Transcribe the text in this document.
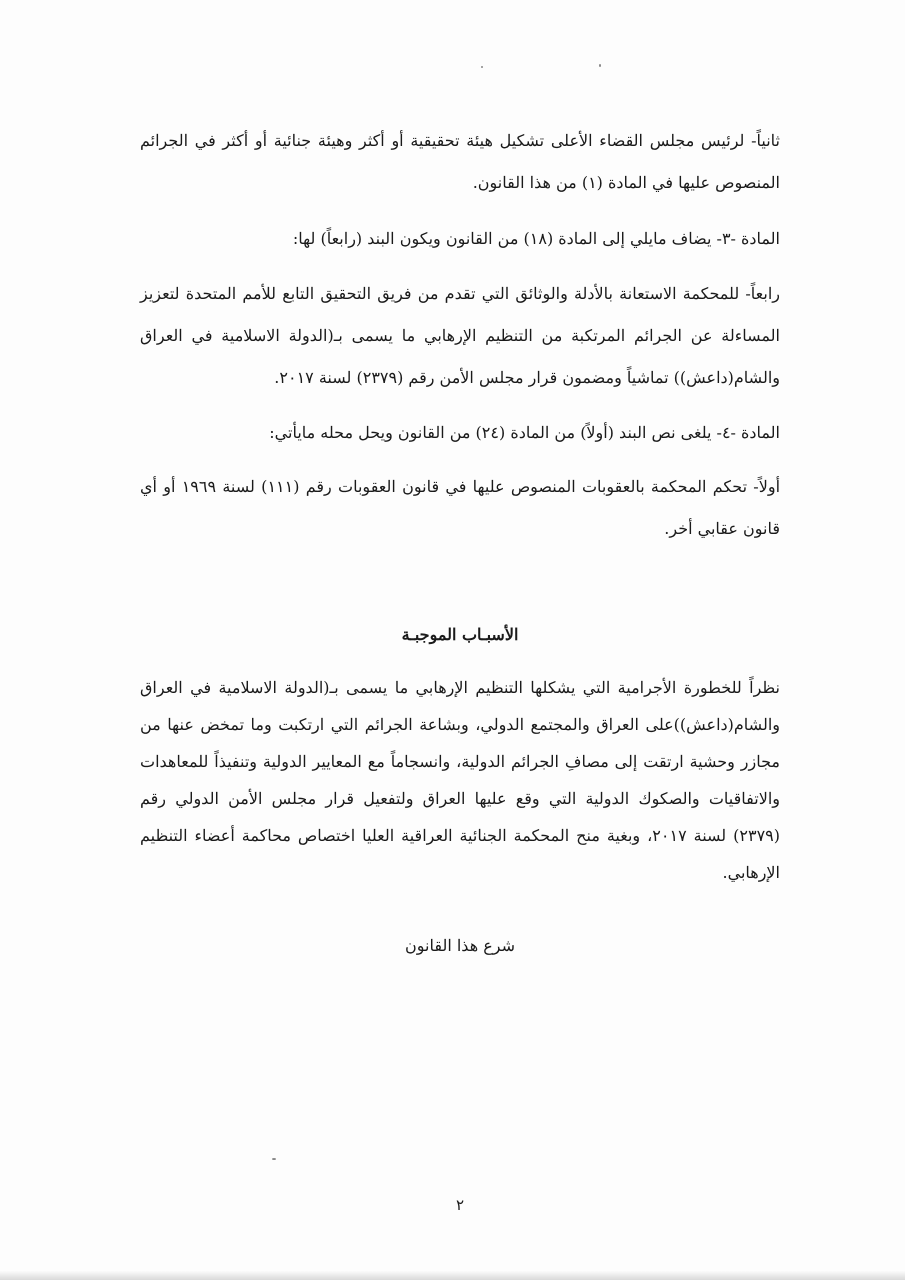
ثانياً- لرئيس مجلس القضاء الأعلى تشكيل هيئة تحقيقية أو أكثر وهيئة جنائية أو أكثر في الجرائم المنصوص عليها في المادة (١) من هذا القانون.

المادة -٣- يضاف مايلي إلى المادة (١٨) من القانون ويكون البند (رابعاً) لها:

رابعاً- للمحكمة الاستعانة بالأدلة والوثائق التي تقدم من فريق التحقيق التابع للأمم المتحدة لتعزيز المساءلة عن الجرائم المرتكبة من التنظيم الإرهابي ما يسمى بـ(الدولة الاسلامية في العراق والشام(داعش)) تماشياً ومضمون قرار مجلس الأمن رقم (٢٣٧٩) لسنة ٢٠١٧.

المادة -٤- يلغى نص البند (أولاً) من المادة (٢٤) من القانون ويحل محله مايأتي:

أولاً- تحكم المحكمة بالعقوبات المنصوص عليها في قانون العقوبات رقم (١١١) لسنة ١٩٦٩ أو أي قانون عقابي أخر.

الأسبـاب الموجبـة

نظراً للخطورة الأجرامية التي يشكلها التنظيم الإرهابي ما يسمى بـ(الدولة الاسلامية في العراق والشام(داعش))على العراق والمجتمع الدولي، وبشاعة الجرائم التي ارتكبت وما تمخض عنها من مجازر وحشية ارتقت إلى مصافِ الجرائم الدولية، وانسجاماً مع المعايير الدولية وتنفيذاً للمعاهدات والاتفاقيات والصكوك الدولية التي وقع عليها العراق ولتفعيل قرار مجلس الأمن الدولي رقم (٢٣٧٩) لسنة ٢٠١٧، وبغية منح المحكمة الجنائية العراقية العليا اختصاص محاكمة أعضاء التنظيم الإرهابي.

شرع هذا القانون

٢
